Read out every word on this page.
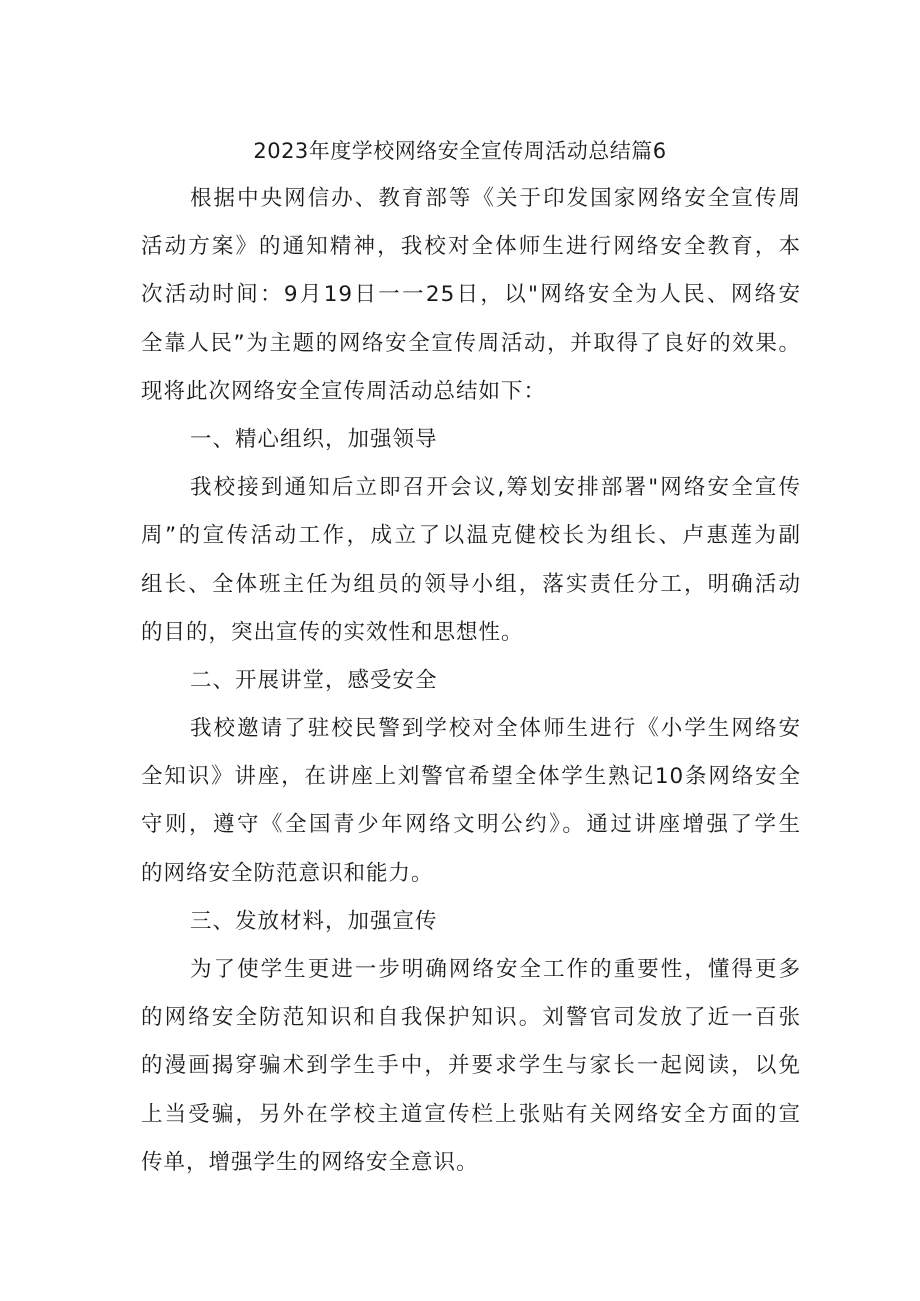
2023年度学校网络安全宣传周活动总结篇6
根据中央网信办、教育部等《关于印发国家网络安全宣传周
活动方案》的通知精神，我校对全体师生进行网络安全教育，本
次活动时间：9月19日一一25日，以"网络安全为人民、网络安
全靠人民”为主题的网络安全宣传周活动，并取得了良好的效果。
现将此次网络安全宣传周活动总结如下：
一、精心组织，加强领导
我校接到通知后立即召开会议,筹划安排部署"网络安全宣传
周”的宣传活动工作，成立了以温克健校长为组长、卢惠莲为副
组长、全体班主任为组员的领导小组，落实责任分工，明确活动
的目的，突出宣传的实效性和思想性。
二、开展讲堂，感受安全
我校邀请了驻校民警到学校对全体师生进行《小学生网络安
全知识》讲座，在讲座上刘警官希望全体学生熟记10条网络安全
守则，遵守《全国青少年网络文明公约》。通过讲座增强了学生
的网络安全防范意识和能力。
三、发放材料，加强宣传
为了使学生更进一步明确网络安全工作的重要性，懂得更多
的网络安全防范知识和自我保护知识。刘警官司发放了近一百张
的漫画揭穿骗术到学生手中，并要求学生与家长一起阅读，以免
上当受骗，另外在学校主道宣传栏上张贴有关网络安全方面的宣
传单，增强学生的网络安全意识。
